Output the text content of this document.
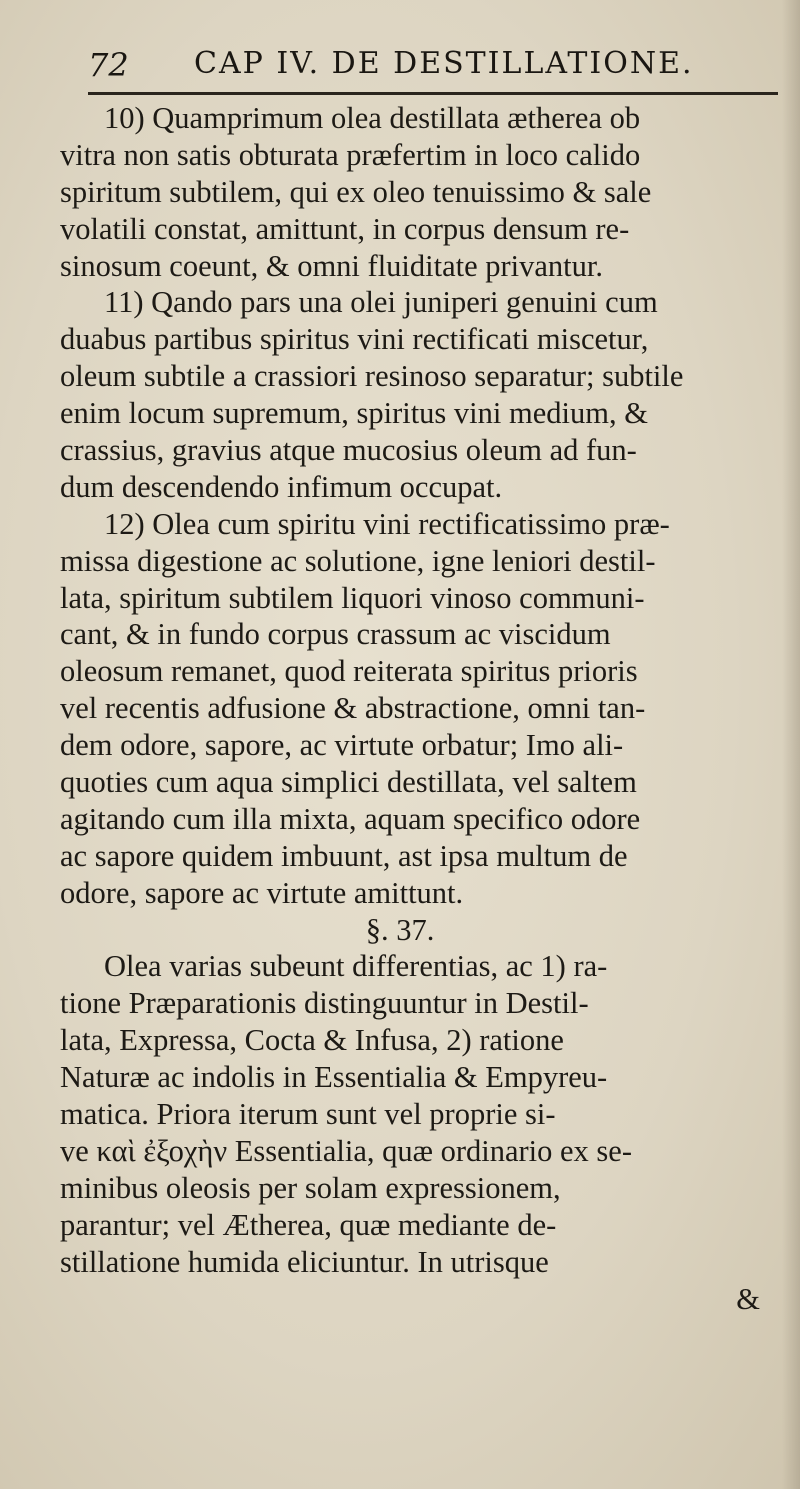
72 CAP IV. DE DESTILLATIONE.
10) Quamprimum olea destillata ætherea ob
vitra non satis obturata præfertim in loco calido
spiritum subtilem, qui ex oleo tenuissimo & sale
volatili constat, amittunt, in corpus densum re-
sinosum coeunt, & omni fluiditate privantur.
11) Qando pars una olei juniperi genuini cum
duabus partibus spiritus vini rectificati miscetur,
oleum subtile a crassiori resinoso separatur; subtile
enim locum supremum, spiritus vini medium, &
crassius, gravius atque mucosius oleum ad fun-
dum descendendo infimum occupat.
12) Olea cum spiritu vini rectificatissimo præ-
missa digestione ac solutione, igne leniori destil-
lata, spiritum subtilem liquori vinoso communi-
cant, & in fundo corpus crassum ac viscidum
oleosum remanet, quod reiterata spiritus prioris
vel recentis adfusione & abstractione, omni tan-
dem odore, sapore, ac virtute orbatur; Imo ali-
quoties cum aqua simplici destillata, vel saltem
agitando cum illa mixta, aquam specifico odore
ac sapore quidem imbuunt, ast ipsa multum de
odore, sapore ac virtute amittunt.
§. 37.
Olea varias subeunt differentias, ac 1) ra-
tione Præparationis distinguuntur in Destil-
lata, Expressa, Cocta & Infusa, 2) ratione
Naturæ ac indolis in Essentialia & Empyreu-
matica. Priora iterum sunt vel proprie si-
ve καὶ ἐξοχὴν Essentialia, quæ ordinario ex se-
minibus oleosis per solam expressionem,
parantur; vel Ætherea, quæ mediante de-
stillatione humida eliciuntur. In utrisque
&
